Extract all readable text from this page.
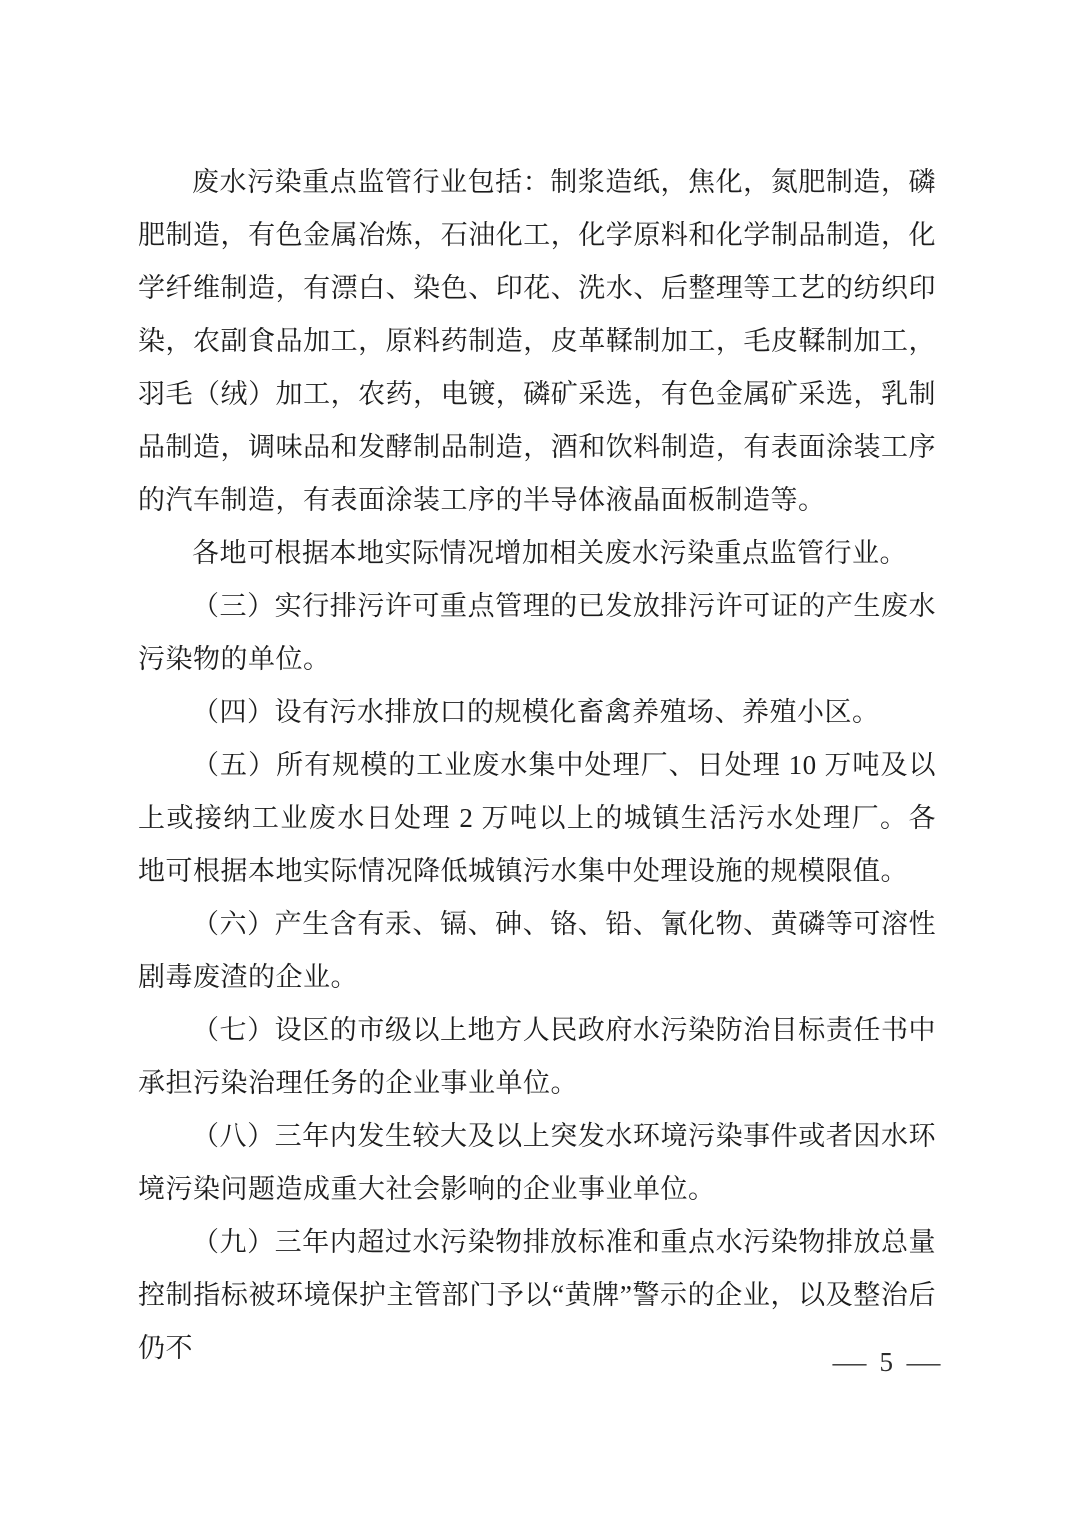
废水污染重点监管行业包括：制浆造纸，焦化，氮肥制造，磷肥制造，有色金属冶炼，石油化工，化学原料和化学制品制造，化学纤维制造，有漂白、染色、印花、洗水、后整理等工艺的纺织印染，农副食品加工，原料药制造，皮革鞣制加工，毛皮鞣制加工，羽毛（绒）加工，农药，电镀，磷矿采选，有色金属矿采选，乳制品制造，调味品和发酵制品制造，酒和饮料制造，有表面涂装工序的汽车制造，有表面涂装工序的半导体液晶面板制造等。

各地可根据本地实际情况增加相关废水污染重点监管行业。

（三）实行排污许可重点管理的已发放排污许可证的产生废水污染物的单位。

（四）设有污水排放口的规模化畜禽养殖场、养殖小区。

（五）所有规模的工业废水集中处理厂、日处理 10 万吨及以上或接纳工业废水日处理 2 万吨以上的城镇生活污水处理厂。各地可根据本地实际情况降低城镇污水集中处理设施的规模限值。

（六）产生含有汞、镉、砷、铬、铅、氰化物、黄磷等可溶性剧毒废渣的企业。

（七）设区的市级以上地方人民政府水污染防治目标责任书中承担污染治理任务的企业事业单位。

（八）三年内发生较大及以上突发水环境污染事件或者因水环境污染问题造成重大社会影响的企业事业单位。

（九）三年内超过水污染物排放标准和重点水污染物排放总量控制指标被环境保护主管部门予以“黄牌”警示的企业，以及整治后仍不	— 5 —
